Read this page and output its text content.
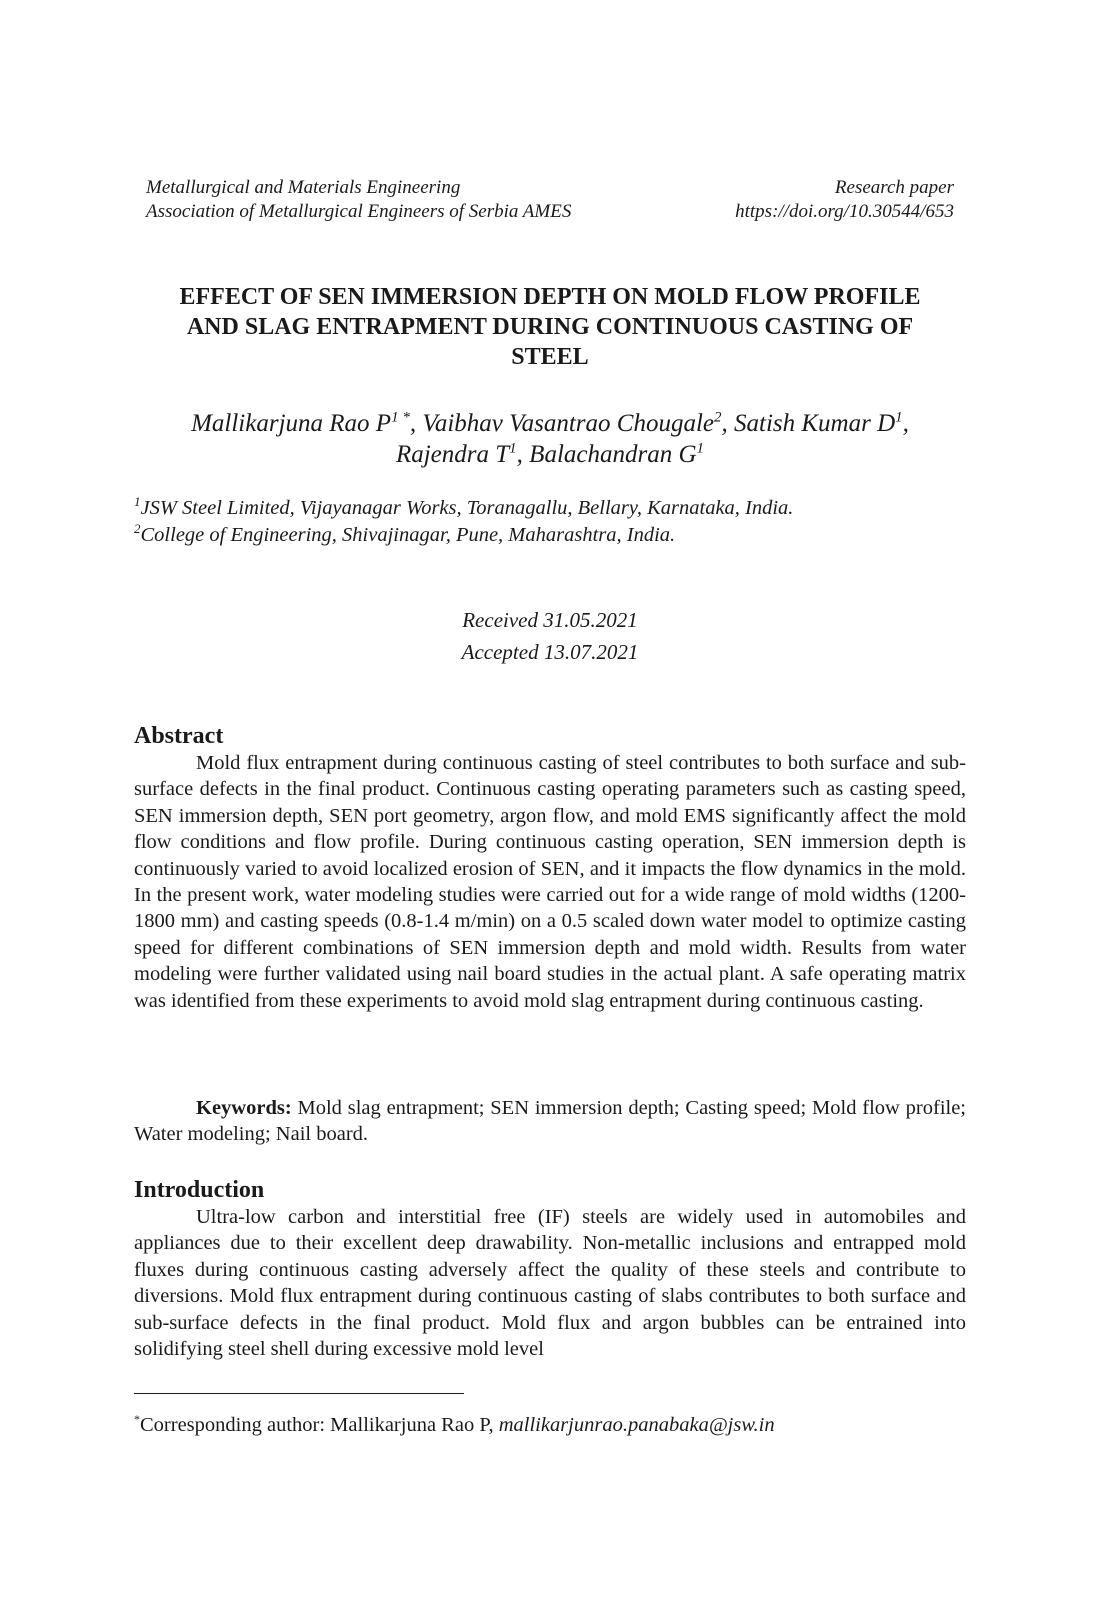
Metallurgical and Materials Engineering	Research paper
Association of Metallurgical Engineers of Serbia AMES	https://doi.org/10.30544/653
EFFECT OF SEN IMMERSION DEPTH ON MOLD FLOW PROFILE
AND SLAG ENTRAPMENT DURING CONTINUOUS CASTING OF
STEEL
Mallikarjuna Rao $P^{1 *}$, Vaibhav Vasantrao Chougale$^2$, Satish Kumar $D^1$,
Rajendra $T^1$, Balachandran $G^1$
$^1$JSW Steel Limited, Vijayanagar Works, Toranagallu, Bellary, Karnataka, India.
$^2$College of Engineering, Shivajinagar, Pune, Maharashtra, India.
Received 31.05.2021
Accepted 13.07.2021
Abstract

Mold flux entrapment during continuous casting of steel contributes to both surface and sub-surface defects in the final product. Continuous casting operating parameters such as casting speed, SEN immersion depth, SEN port geometry, argon flow, and mold EMS significantly affect the mold flow conditions and flow profile. During continuous casting operation, SEN immersion depth is continuously varied to avoid localized erosion of SEN, and it impacts the flow dynamics in the mold. In the present work, water modeling studies were carried out for a wide range of mold widths (1200-1800 mm) and casting speeds (0.8-1.4 m/min) on a 0.5 scaled down water model to optimize casting speed for different combinations of SEN immersion depth and mold width. Results from water modeling were further validated using nail board studies in the actual plant. A safe operating matrix was identified from these experiments to avoid mold slag entrapment during continuous casting.

Keywords: Mold slag entrapment; SEN immersion depth; Casting speed; Mold flow profile; Water modeling; Nail board.

Introduction

Ultra-low carbon and interstitial free (IF) steels are widely used in automobiles and appliances due to their excellent deep drawability. Non-metallic inclusions and entrapped mold fluxes during continuous casting adversely affect the quality of these steels and contribute to diversions. Mold flux entrapment during continuous casting of slabs contributes to both surface and sub-surface defects in the final product. Mold flux and argon bubbles can be entrained into solidifying steel shell during excessive mold level

*Corresponding author: Mallikarjuna Rao P, mallikarjunrao.panabaka@jsw.in
